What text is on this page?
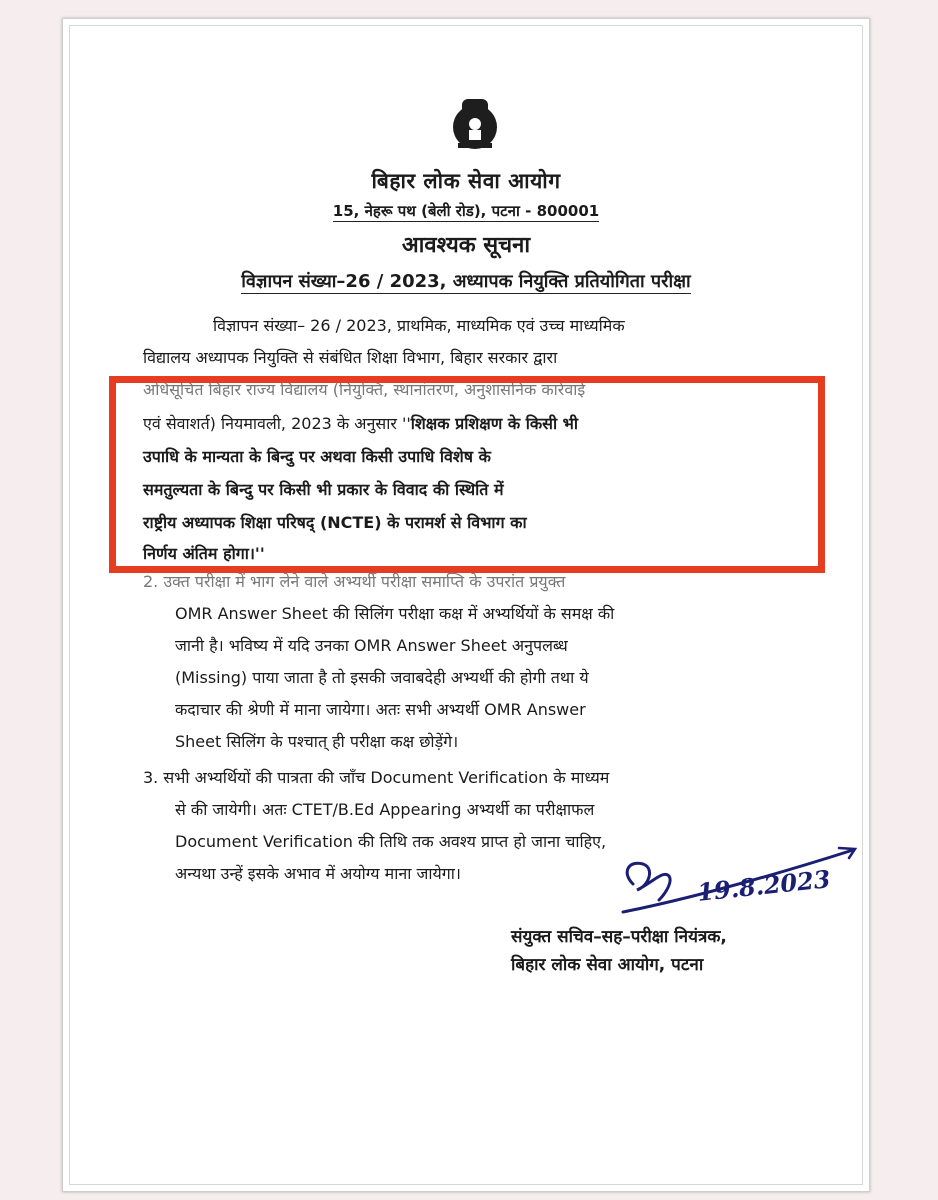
बिहार लोक सेवा आयोग
15, नेहरू पथ (बेली रोड), पटना - 800001
आवश्यक सूचना
विज्ञापन संख्या–26 / 2023, अध्यापक नियुक्ति प्रतियोगिता परीक्षा
विज्ञापन संख्या– 26 / 2023, प्राथमिक, माध्यमिक एवं उच्च माध्यमिक
विद्यालय अध्यापक नियुक्ति से संबंधित शिक्षा विभाग, बिहार सरकार द्वारा
अधिसूचित बिहार राज्य विद्यालय (नियुक्ति, स्थानांतरण, अनुशासनिक कार्रवाई
एवं सेवाशर्त) नियमावली, 2023 के अनुसार ''शिक्षक प्रशिक्षण के किसी भी
उपाधि के मान्यता के बिन्दु पर अथवा किसी उपाधि विशेष के
समतुल्यता के बिन्दु पर किसी भी प्रकार के विवाद की स्थिति में
राष्ट्रीय अध्यापक शिक्षा परिषद् (NCTE) के परामर्श से विभाग का
निर्णय अंतिम होगा।''
2. उक्त परीक्षा में भाग लेने वाले अभ्यर्थी परीक्षा समाप्ति के उपरांत प्रयुक्त
OMR Answer Sheet की सिलिंग परीक्षा कक्ष में अभ्यर्थियों के समक्ष की
जानी है। भविष्य में यदि उनका OMR Answer Sheet अनुपलब्ध
(Missing) पाया जाता है तो इसकी जवाबदेही अभ्यर्थी की होगी तथा ये
कदाचार की श्रेणी में माना जायेगा। अतः सभी अभ्यर्थी OMR Answer
Sheet सिलिंग के पश्चात् ही परीक्षा कक्ष छोड़ेंगे।
3. सभी अभ्यर्थियों की पात्रता की जाँच Document Verification के माध्यम
से की जायेगी। अतः CTET/B.Ed Appearing अभ्यर्थी का परीक्षाफल
Document Verification की तिथि तक अवश्य प्राप्त हो जाना चाहिए,
अन्यथा उन्हें इसके अभाव में अयोग्य माना जायेगा।	19.8.2023
संयुक्त सचिव–सह–परीक्षा नियंत्रक,
बिहार लोक सेवा आयोग, पटना
